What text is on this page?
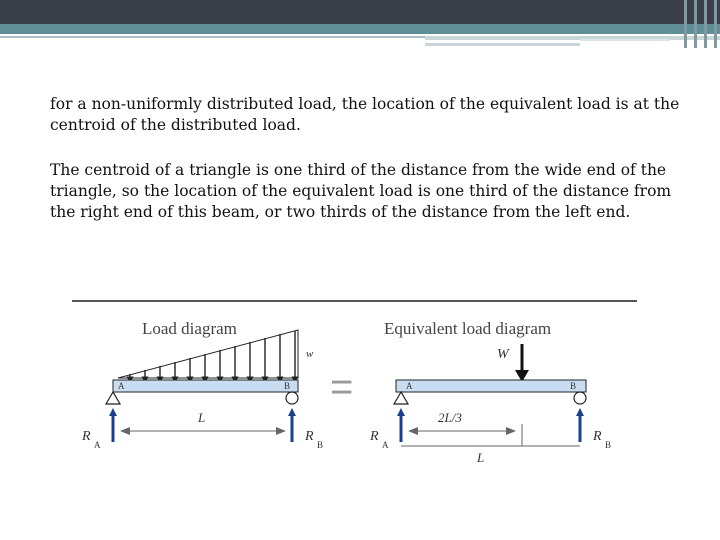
for a non-uniformly distributed load, the location of the equivalent load is at the centroid of the distributed load.
The centroid of a triangle is one third of the distance from the wide end of the triangle, so the location of the equivalent load is one third of the distance from the right end of this beam, or two thirds of the distance from the left end.
Load diagram
w
A	B
R
A
R
B
L
=
Equivalent load diagram
W
A	B
R
A
R
B
2L/3
L
